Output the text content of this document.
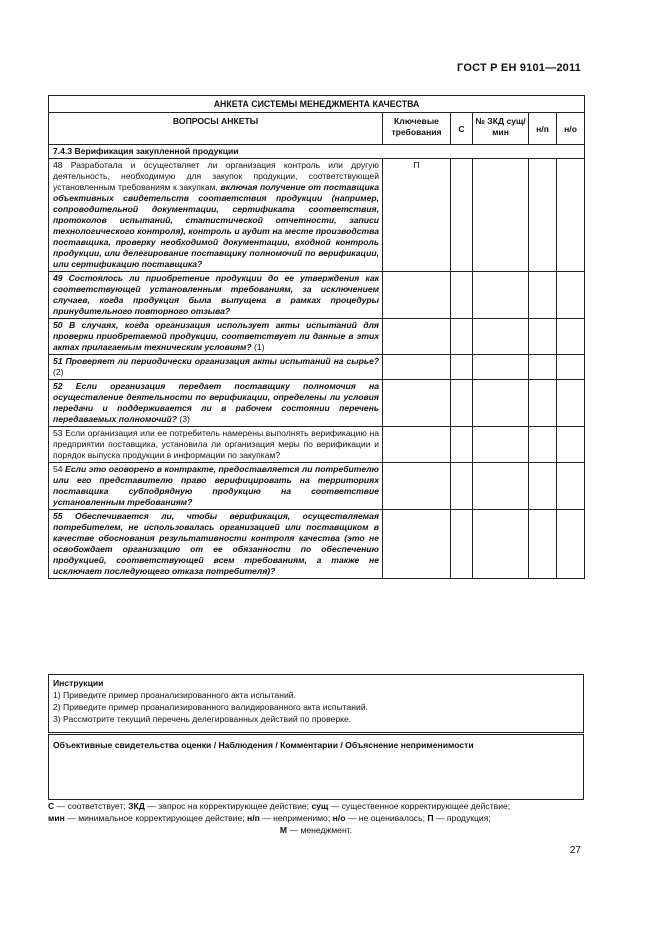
ГОСТ Р ЕН 9101—2011
АНКЕТА СИСТЕМЫ МЕНЕДЖМЕНТА КАЧЕСТВА					
ВОПРОСЫ АНКЕТЫ	Ключевые требования	С	№ ЗКД сущ/мин	н/п	н/о
7.4.3 Верификация закупленной продукции					
48 Разработала и осуществляет ли организация контроль или другую деятельность, необходимую для закупок продукции, соответствующей установленным требованиям к закупкам, включая получение от поставщика объективных свидетельств соответствия продукции (например, сопроводительной документации, сертификата соответствия, протоколов испытаний, статистической отчетности, записи технологического контроля), контроль и аудит на месте производства поставщика, проверку необходимой документации, входной контроль продукции, или делегирование поставщику полномочий по верификации, или сертификацию поставщика?	П				
49 Состоялось ли приобретение продукции до ее утверждения как соответствующей установленным требованиям, за исключением случаев, когда продукция была выпущена в рамках процедуры принудительного повторного отзыва?					
50 В случаях, когда организация использует акты испытаний для проверки приобретаемой продукции, соответствует ли данные в этих актах прилагаемым техническим условиям? (1)					
51 Проверяет ли периодически организация акты испытаний на сырье? (2)					
52 Если организация передает поставщику полномочия на осуществление деятельности по верификации, определены ли условия передачи и поддерживается ли в рабочем состоянии перечень передаваемых полномочий? (3)					
53 Если организация или ее потребитель намерены выполнять верификацию на предприятии поставщика, установила ли организация меры по верификации и порядок выпуска продукции в информации по закупкам?					
54 Если это оговорено в контракте, предоставляется ли потребителю или его представителю право верифицировать на территориях поставщика субподрядную продукцию на соответствие установленным требованиям?					
55 Обеспечивается ли, чтобы верификация, осуществляемая потребителем, не использовалась организацией или поставщиком в качестве обоснования результативности контроля качества (это не освобождает организацию от ее обязанности по обеспечению продукцией, соответствующей всем требованиям, а также не исключает последующего отказа потребителя)?					
Инструкции
1) Приведите пример проанализированного акта испытаний.
2) Приведите пример проанализированного валидированного акта испытаний.
3) Рассмотрите текущий перечень делегированных действий по проверке.
Объективные свидетельства оценки / Наблюдения / Комментарии / Объяснение неприменимости
С — соответствует; ЗКД — запрос на корректирующее действие; сущ — существенное корректирующее действие;
мин — минимальное корректирующее действие; н/п — неприменимо; н/о — не оценивалось; П — продукция;
М — менеджмент.
27
